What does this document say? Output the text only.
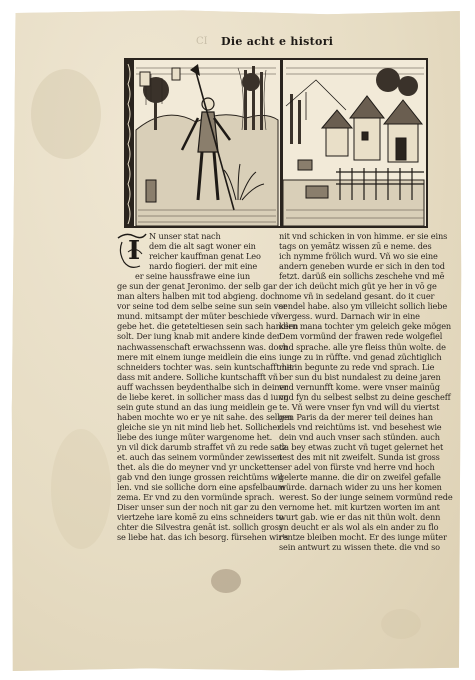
CI Die acht e histori
I	N unser stat nach
dem die alt sagt woner ein
reicher kauffman genat Leo
nardo fiogieri. der mit eine
er seine haussfrawe eine iun
ge sun der genat Jeronimo. der selb gar
man alters halben mit tod abgieng. doch
vor seine tod dem selbe seine sun sein vor
mund. mitsampt der müter beschiede vñ
gebe het. die geteteltiesen sein sach handlen
solt. Der iung knab mit andere kinde der
nachwassenschaft erwachssenn was. doch
mere mit einem iunge meidlein die eins
schneiders tochter was. sein kuntschafft her
dass mit andere. Solliche kuntschafft vñ
auff wachssen beydenthalbe sich in deiner
de liebe keret. in sollicher mass das d iung
sein gute stund an das iung meidlein ge
haben mochte wo er ye nit sahe. des selben
gleiche sie yn nit mind lieb het. Sollicher
liebe des iunge müter wargenome het.
yn vil dick darumb straffet vñ zu rede satz
et. auch das seinem vormünder zewissen
thet. als die do meyner vnd yr uncketten
gab vnd den iunge grossen reichtüms wil
len. vnd sie solliche dorn eine apsfelbaum
zema. Er vnd zu den vormünde sprach.
Diser unser sun der noch nit gar zu den
viertzehe iare komē zu eins schneiders to
chter die Silvestra genāt ist. sollich gross
se liebe hat. das ich besorg. fürsehen wir's
nit vnd schicken in von himme. er sie eins
tags on yemātz wissen zū e neme. des
ich nymme frölich wurd. Vñ wo sie eine
andern geneben wurde er sich in den tod
fetzt. darüß ein sollichs zeschehe vnd mē
der ich deücht mich güt ye her in vō ge
nome vñ in sedeland gesant. do it cuer
sendel habe. also ym villeicht sollich liebe
vergess. wurd. Darnach wir in eine
kern mana tochter ym geleich geke mögen
Dem vormünd der frawen rede wolgefiel
vnd sprache. alle yre fleiss thün wolte. de
iunge zu in rüffte. vnd genad züchtiglich
mit in begunte zu rede vnd sprach. Lie
ber sun du bist nundalest zu deine jaren
vnd vernunfft kome. were vnser mainūg
vnd fyn du selbest selbst zu deine gescheff
te. Vñ were vnser fyn vnd will du viertst
gen Paris da der merer teil deines han
dels vnd reichtüms ist. vnd besehest wie
dein vnd auch vnser sach stünden. auch
da bey etwas zucht vñ tuget gelernet het
test des mit nit zweifelt. Sunda ist gross
ser adel von fürste vnd herre vnd hoch
gelerte manne. die dir on zweifel gefalle
würde. darnach wider zu uns her komen
werest. So der iunge seinem vormünd rede
vernome het. mit kurtzen worten im ant
wurt gab. wie er das nit thün wolt. denn
yn deucht er als wol als ein ander zu flo
rentze bleiben mocht. Er des iunge müter
sein antwurt zu wissen thete. die vnd so
